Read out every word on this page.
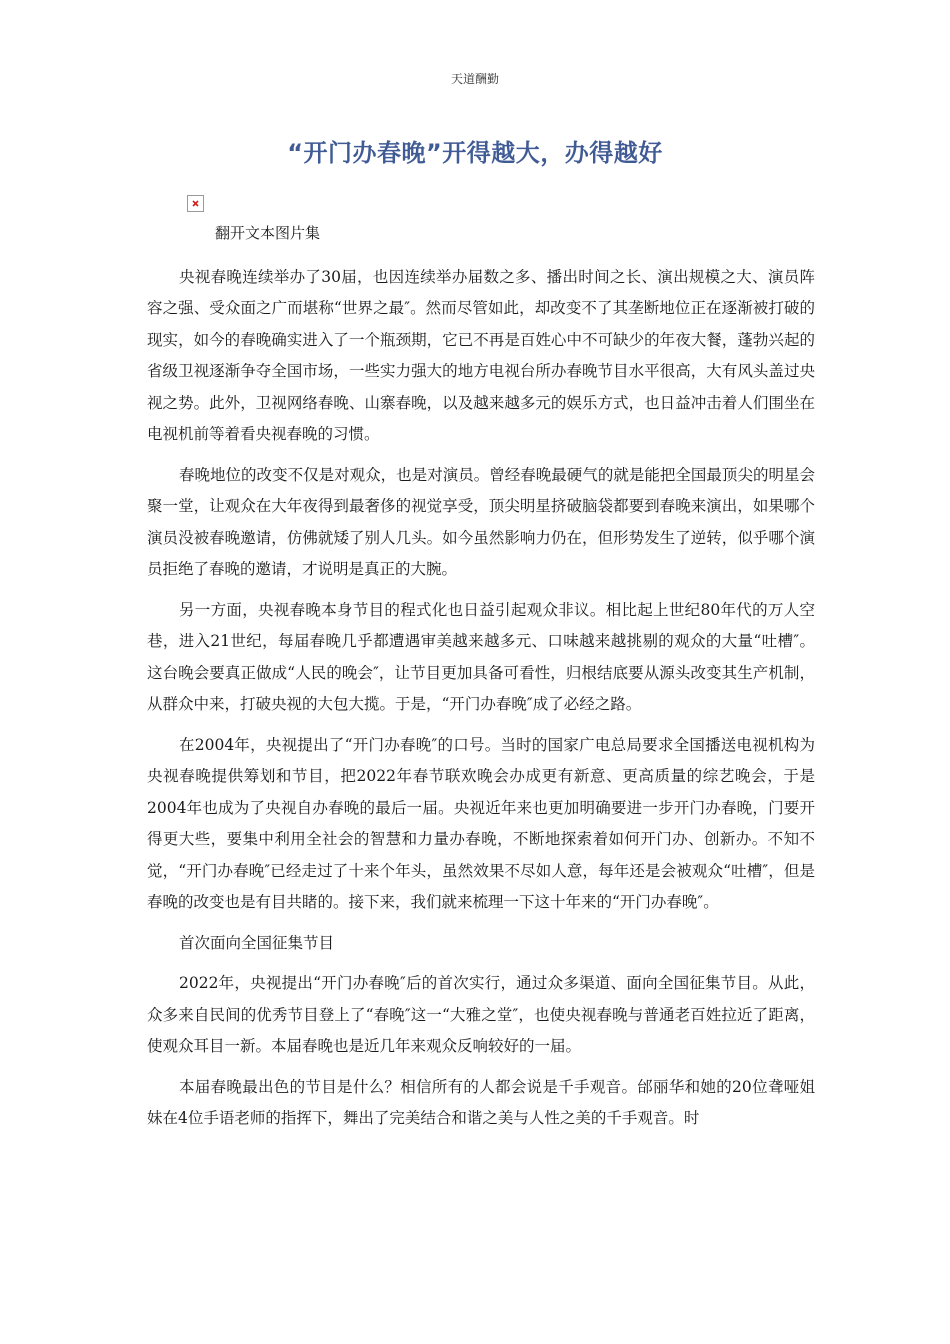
天道酬勤
“开门办春晚”开得越大，办得越好

翻开文本图片集

央视春晚连续举办了30届，也因连续举办届数之多、播出时间之长、演出规模之大、演员阵容之强、受众面之广而堪称“世界之最″。然而尽管如此，却改变不了其垄断地位正在逐渐被打破的现实，如今的春晚确实进入了一个瓶颈期，它已不再是百姓心中不可缺少的年夜大餐，蓬勃兴起的省级卫视逐渐争夺全国市场，一些实力强大的地方电视台所办春晚节目水平很高，大有风头盖过央视之势。此外，卫视网络春晚、山寨春晚，以及越来越多元的娱乐方式，也日益冲击着人们围坐在电视机前等着看央视春晚的习惯。

春晚地位的改变不仅是对观众，也是对演员。曾经春晚最硬气的就是能把全国最顶尖的明星会聚一堂，让观众在大年夜得到最奢侈的视觉享受，顶尖明星挤破脑袋都要到春晚来演出，如果哪个演员没被春晚邀请，仿佛就矮了别人几头。如今虽然影响力仍在，但形势发生了逆转，似乎哪个演员拒绝了春晚的邀请，才说明是真正的大腕。

另一方面，央视春晚本身节目的程式化也日益引起观众非议。相比起上世纪80年代的万人空巷，进入21世纪，每届春晚几乎都遭遇审美越来越多元、口味越来越挑剔的观众的大量“吐槽″。这台晚会要真正做成“人民的晚会″，让节目更加具备可看性，归根结底要从源头改变其生产机制，从群众中来，打破央视的大包大揽。于是，“开门办春晚″成了必经之路。

在2004年，央视提出了“开门办春晚″的口号。当时的国家广电总局要求全国播送电视机构为央视春晚提供筹划和节目，把2022年春节联欢晚会办成更有新意、更高质量的综艺晚会，于是2004年也成为了央视自办春晚的最后一届。央视近年来也更加明确要进一步开门办春晚，门要开得更大些，要集中利用全社会的智慧和力量办春晚，不断地探索着如何开门办、创新办。不知不觉，“开门办春晚″已经走过了十来个年头，虽然效果不尽如人意，每年还是会被观众“吐槽″，但是春晚的改变也是有目共睹的。接下来，我们就来梳理一下这十年来的“开门办春晚″。

首次面向全国征集节目

2022年，央视提出“开门办春晚″后的首次实行，通过众多渠道、面向全国征集节目。从此，众多来自民间的优秀节目登上了“春晚″这一“大雅之堂″，也使央视春晚与普通老百姓拉近了距离，使观众耳目一新。本届春晚也是近几年来观众反响较好的一届。

本届春晚最出色的节目是什么？相信所有的人都会说是千手观音。邰丽华和她的20位聋哑姐妹在4位手语老师的指挥下，舞出了完美结合和谐之美与人性之美的千手观音。时
